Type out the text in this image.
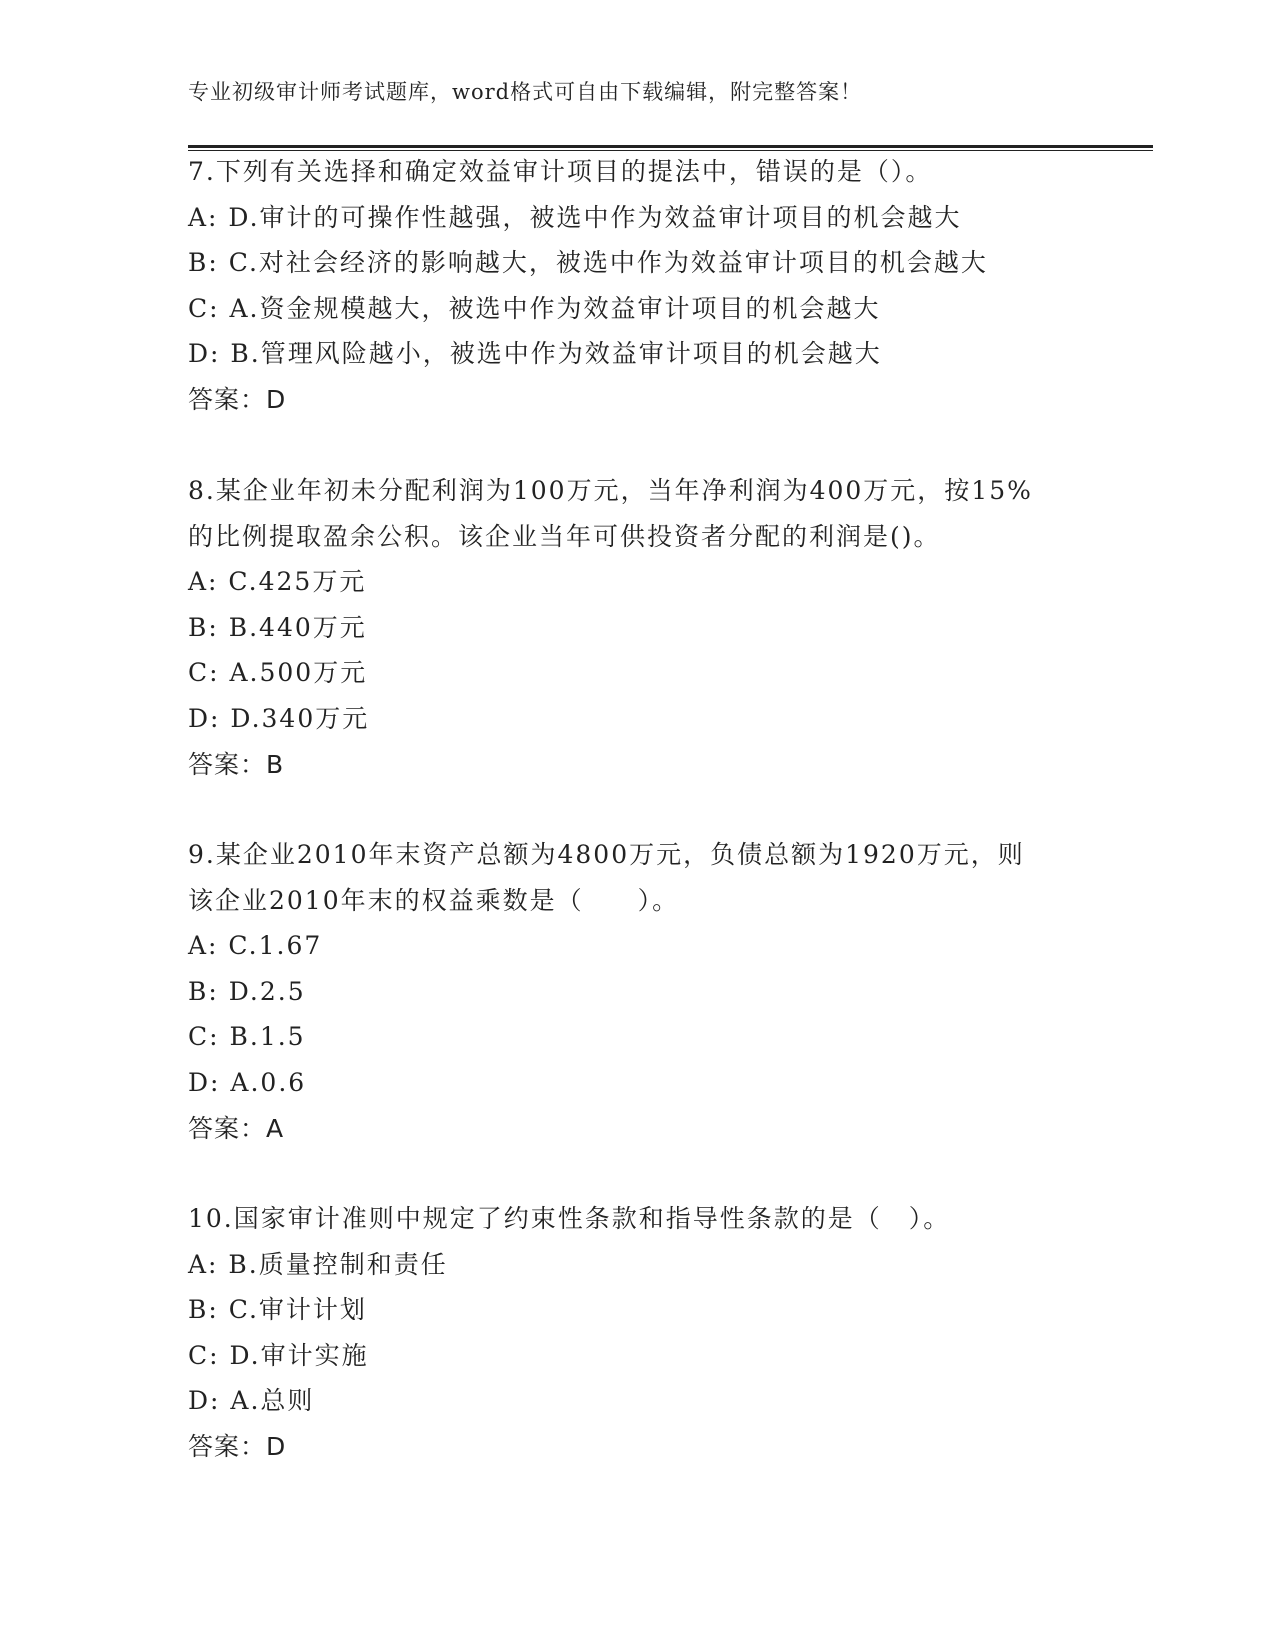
专业初级审计师考试题库，word格式可自由下载编辑，附完整答案！
7.下列有关选择和确定效益审计项目的提法中，错误的是（）。
A: D.审计的可操作性越强，被选中作为效益审计项目的机会越大
B: C.对社会经济的影响越大，被选中作为效益审计项目的机会越大
C: A.资金规模越大，被选中作为效益审计项目的机会越大
D: B.管理风险越小，被选中作为效益审计项目的机会越大
答案：D
8.某企业年初未分配利润为100万元，当年净利润为400万元，按15%
的比例提取盈余公积。该企业当年可供投资者分配的利润是()。
A: C.425万元
B: B.440万元
C: A.500万元
D: D.340万元
答案：B
9.某企业2010年末资产总额为4800万元，负债总额为1920万元，则
该企业2010年末的权益乘数是（　　）。
A: C.1.67
B: D.2.5
C: B.1.5
D: A.0.6
答案：A
10.国家审计准则中规定了约束性条款和指导性条款的是（　）。
A: B.质量控制和责任
B: C.审计计划
C: D.审计实施
D: A.总则
答案：D
